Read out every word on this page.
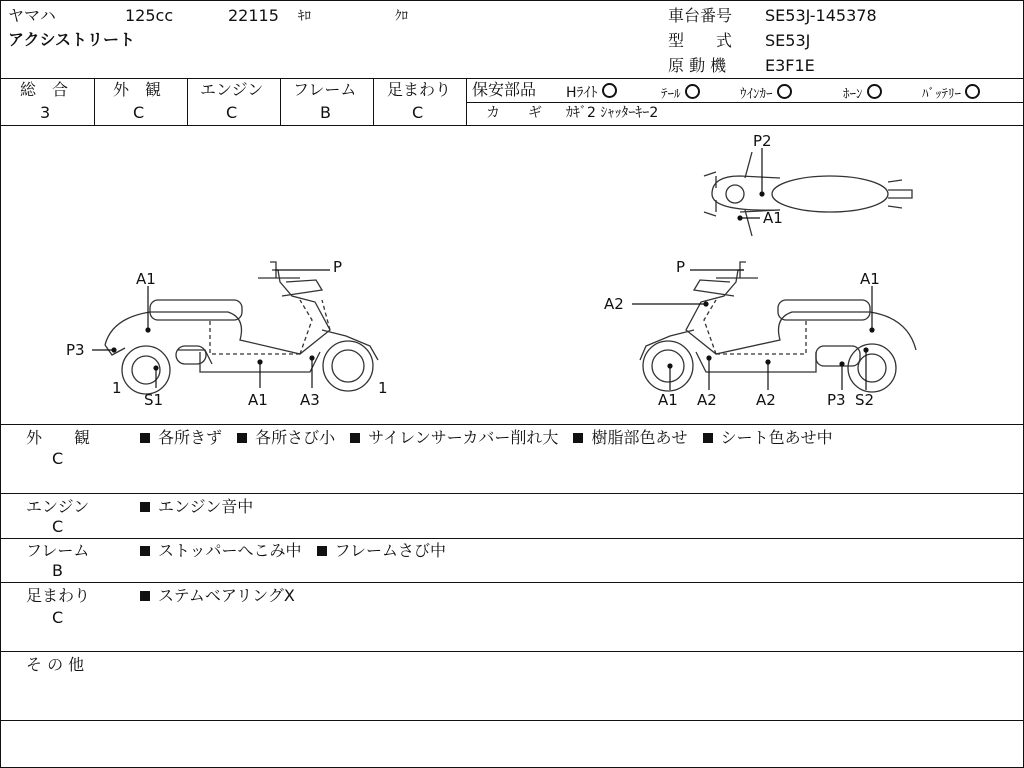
ヤマハ	125cc	22115 ｷﾛ	ｸﾛ
アクシストリート
車台番号 SE53J-145378
型　　式 SE53J
原 動 機 E3F1E
総　合
3
外　観
C
エンジン
C
フレーム
B
足まわり
C
保安部品 Hﾗｲﾄ	ﾃｰﾙ	ｳｲﾝｶｰ	ﾎｰﾝ	ﾊﾞｯﾃﾘｰ
カ　　ギ ｶｷﾞ2 ｼｬｯﾀｰｷｰ2
A1
P
P3
1
S1	A1 A3
1
P2
A1
P
A2
A1
A1 A2	A2	P3 S2
外　　観
C
各所きず 各所さび小 サイレンサーカバー削れ大 樹脂部色あせ シート色あせ中
エンジン
C
エンジン音中
フレーム
B
ストッパーへこみ中 フレームさび中
足まわり
C
ステムベアリングX
そ の 他
